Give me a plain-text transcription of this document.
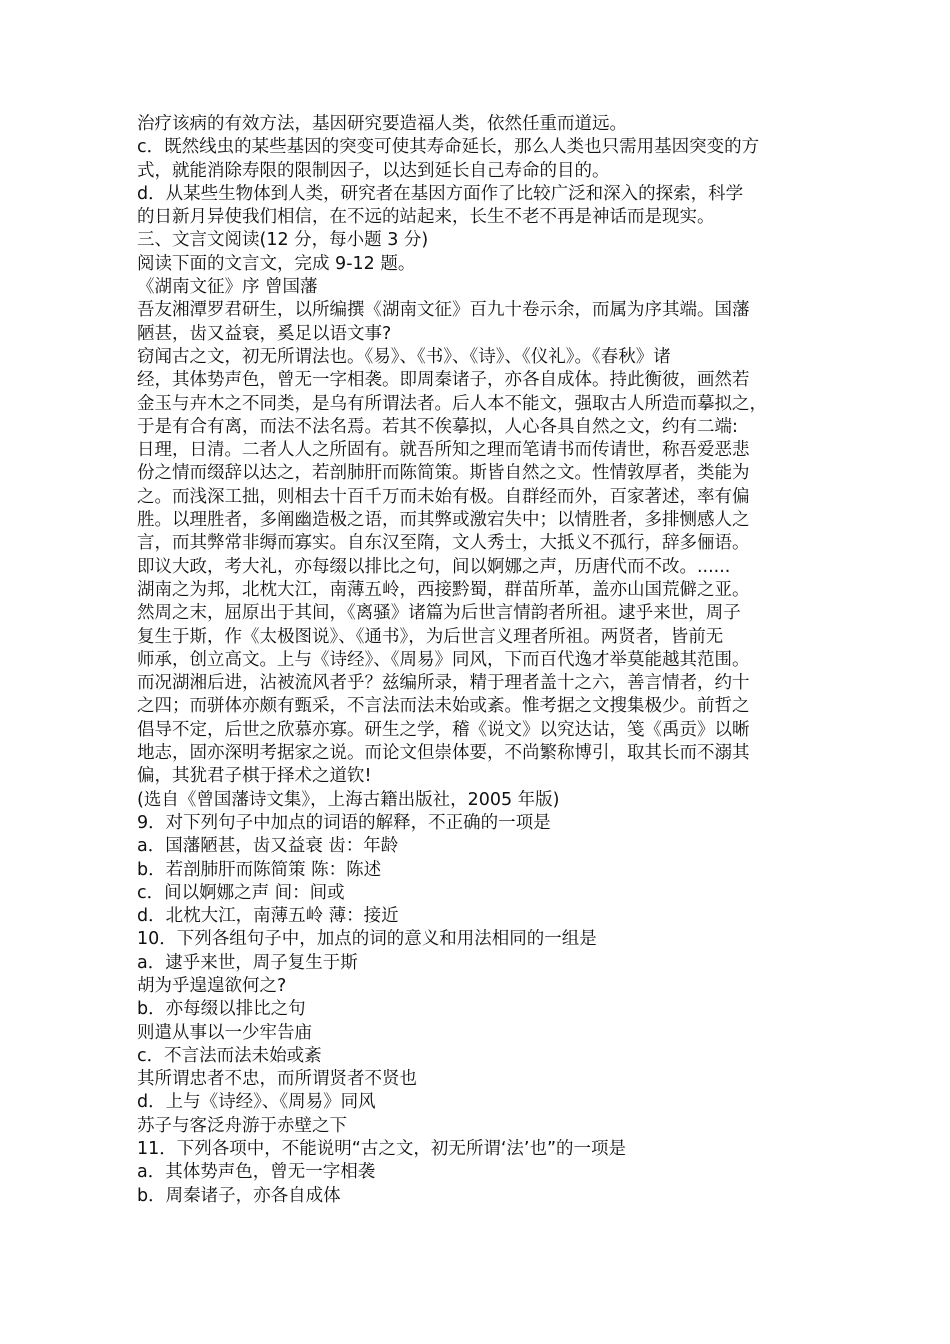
治疗该病的有效方法，基因研究要造福人类，依然任重而道远。
c．既然线虫的某些基因的突变可使其寿命延长，那么人类也只需用基因突变的方
式，就能消除寿限的限制因子，以达到延长自己寿命的目的。
d．从某些生物体到人类，研究者在基因方面作了比较广泛和深入的探索，科学
的日新月异使我们相信，在不远的站起来，长生不老不再是神话而是现实。
三、文言文阅读(12 分，每小题 3 分)
阅读下面的文言文，完成 9-12 题。
《湖南文征》序 曾国藩
吾友湘潭罗君研生，以所编撰《湖南文征》百九十卷示余，而属为序其端。国藩
陋甚，齿又益衰，奚足以语文事?
窃闻古之文，初无所谓法也。《易》、《书》、《诗》、《仪礼》。《春秋》诸
经，其体势声色，曾无一字相袭。即周秦诸子，亦各自成体。持此衡彼，画然若
金玉与卉木之不同类，是乌有所谓法者。后人本不能文，强取古人所造而摹拟之，
于是有合有离，而法不法名焉。若其不俟摹拟，人心各具自然之文，约有二端:
日理，日清。二者人人之所固有。就吾所知之理而笔请书而传请世，称吾爱恶悲
份之情而缀辞以达之，若剖肺肝而陈简策。斯皆自然之文。性情敦厚者，类能为
之。而浅深工拙，则相去十百千万而未始有极。自群经而外，百家著述，率有偏
胜。以理胜者，多阐幽造极之语，而其弊或激宕失中；以情胜者，多排恻感人之
言，而其弊常非缛而寡实。自东汉至隋，文人秀士，大抵义不孤行，辞多俪语。
即议大政，考大礼，亦每缀以排比之句，间以婀娜之声，历唐代而不改。......
湖南之为邦，北枕大江，南薄五岭，西接黔蜀，群苗所革，盖亦山国荒僻之亚。
然周之末，屈原出于其间，《离骚》诸篇为后世言情韵者所祖。逮乎来世，周子
复生于斯，作《太极图说》、《通书》，为后世言义理者所祖。两贤者，皆前无
师承，创立高文。上与《诗经》、《周易》同风，下而百代逸才举莫能越其范围。
而况湖湘后进，沾被流风者乎？兹编所录，精于理者盖十之六，善言情者，约十
之四；而骈体亦颇有甄采，不言法而法未始或紊。惟考据之文搜集极少。前哲之
倡导不定，后世之欣慕亦寡。研生之学，稽《说文》以究达诂，笺《禹贡》以晰
地志，固亦深明考据家之说。而论文但崇体要，不尚繁称博引，取其长而不溺其
偏，其犹君子棋于择术之道钦!
(选自《曾国藩诗文集》，上海古籍出版社，2005 年版)
9．对下列句子中加点的词语的解释，不正确的一项是
a．国藩陋甚，齿又益衰 齿：年龄
b．若剖肺肝而陈简策 陈：陈述
c．间以婀娜之声 间：间或
d．北枕大江，南薄五岭 薄：接近
10．下列各组句子中，加点的词的意义和用法相同的一组是
a．逮乎来世，周子复生于斯
胡为乎遑遑欲何之?
b．亦每缀以排比之句
则遣从事以一少牢告庙
c．不言法而法未始或紊
其所谓忠者不忠，而所谓贤者不贤也
d．上与《诗经》、《周易》同风
苏子与客泛舟游于赤壁之下
11．下列各项中，不能说明“古之文，初无所谓‘法’也”的一项是
a．其体势声色，曾无一字相袭
b．周秦诸子，亦各自成体
